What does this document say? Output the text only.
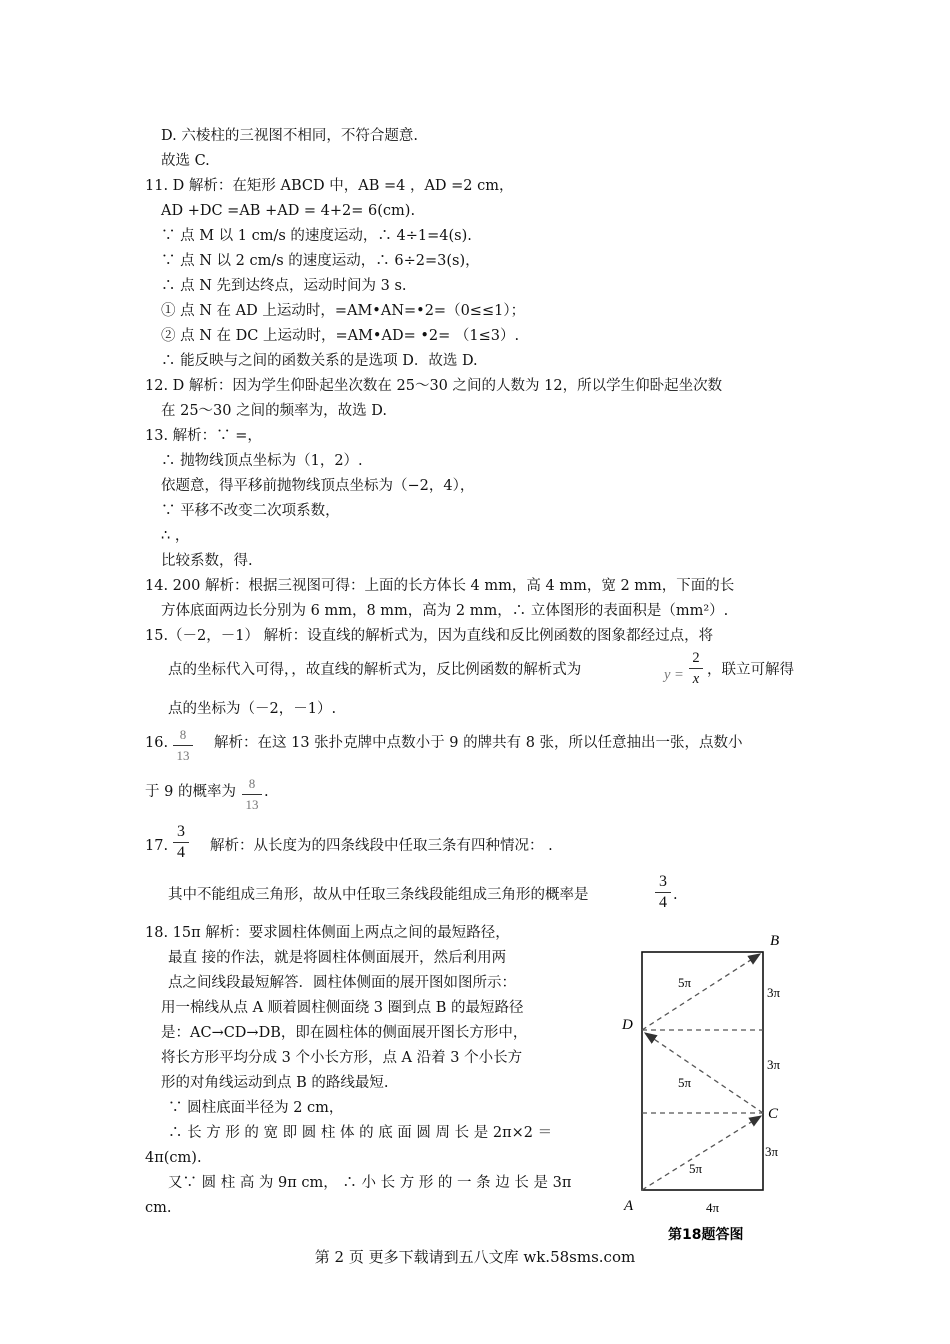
D. 六棱柱的三视图不相同，不符合题意.
故选 C.
11. D 解析：在矩形 ABCD 中，AB =4 ，AD =2 cm，
AD +DC =AB +AD = 4+2= 6(cm).
∵ 点 M 以 1 cm/s 的速度运动，∴ 4÷1=4(s).
∵ 点 N 以 2 cm/s 的速度运动，∴ 6÷2=3(s)，
∴ 点 N 先到达终点，运动时间为 3 s.
① 点 N 在 AD 上运动时，=AM•AN=•2=（0≤≤1）；
② 点 N 在 DC 上运动时，=AM•AD= •2= （1≤3）.
∴ 能反映与之间的函数关系的是选项 D．故选 D.
12. D 解析：因为学生仰卧起坐次数在 25～30 之间的人数为 12，所以学生仰卧起坐次数
在 25～30 之间的频率为，故选 D.
13. 解析：∵ =，
∴ 抛物线顶点坐标为（1，2）.
依题意，得平移前抛物线顶点坐标为（−2，4），
∵ 平移不改变二次项系数，
∴ ，
比较系数，得.
14. 200 解析：根据三视图可得：上面的长方体长 4 mm，高 4 mm，宽 2 mm，下面的长
方体底面两边长分别为 6 mm，8 mm，高为 2 mm，∴ 立体图形的表面积是（mm²）.
15.（－2，－1） 解析：设直线的解析式为，因为直线和反比例函数的图象都经过点，将
点的坐标代入可得，，故直线的解析式为，反比例函数的解析式为	y =
2
x
，联立可解得
点的坐标为（－2，－1）.
16.
8
13
解析：在这 13 张扑克牌中点数小于 9 的牌共有 8 张，所以任意抽出一张，点数小
于 9 的概率为
8
13
.
17.
3
4 解析：从长度为的四条线段中任取三条有四种情况： .
其中不能组成三角形，故从中任取三条线段能组成三角形的概率是
3
4 .
18. 15π 解析：要求圆柱体侧面上两点之间的最短路径，
最直 接的作法，就是将圆柱体侧面展开，然后利用两
点之间线段最短解答．圆柱体侧面的展开图如图所示：
用一棉线从点 A 顺着圆柱侧面绕 3 圈到点 B 的最短路径
是：AC→CD→DB，即在圆柱体的侧面展开图长方形中，
将长方形平均分成 3 个小长方形，点 A 沿着 3 个小长方
形的对角线运动到点 B 的路线最短.
∵ 圆柱底面半径为 2 cm，
∴ 长 方 形 的 宽 即 圆 柱 体 的 底 面 圆 周 长 是 2π×2 ＝
4π(cm).
又∵ 圆 柱 高 为 9π cm， ∴ 小 长 方 形 的 一 条 边 长 是 3π
cm.
B
D
C
A
5π
5π
5π
3π
3π
3π
4π
第18题答图
第 2 页 更多下载请到五八文库 wk.58sms.com
